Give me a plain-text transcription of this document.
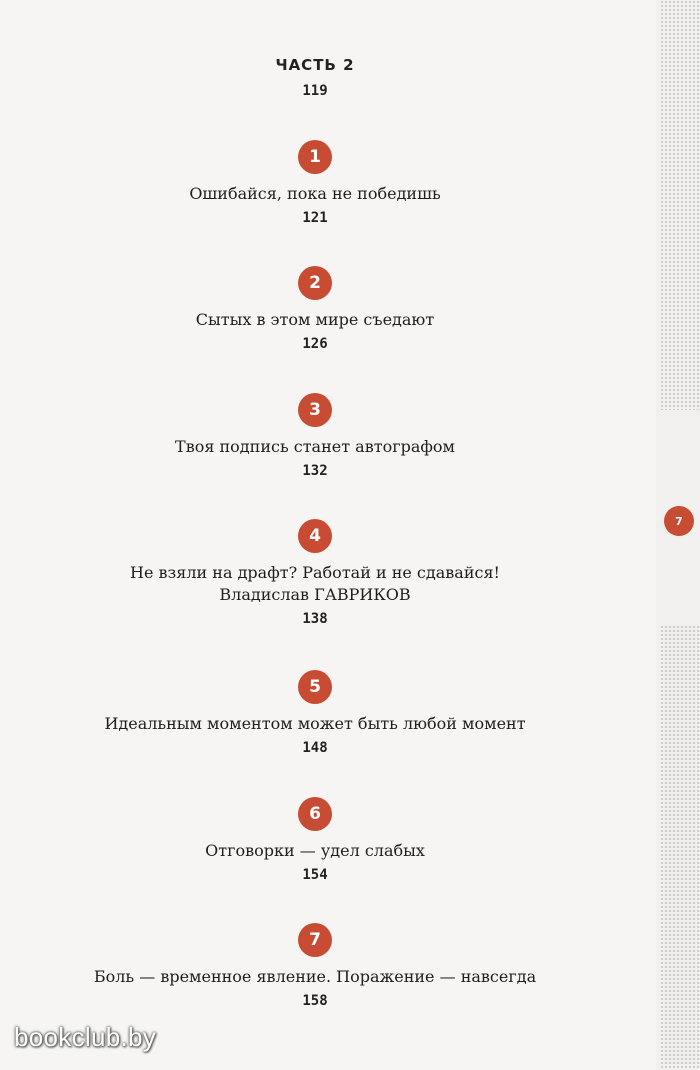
ЧАСТЬ 2
119
1
Ошибайся, пока не победишь
121
2
Сытых в этом мире съедают
126
3
Твоя подпись станет автографом
132
4
Не взяли на драфт? Работай и не сдавайся!
Владислав ГАВРИКОВ
138
5
Идеальным моментом может быть любой момент
148
6
Отговорки — удел слабых
154
7
Боль — временное явление. Поражение — навсегда
158
7
bookclub.by
